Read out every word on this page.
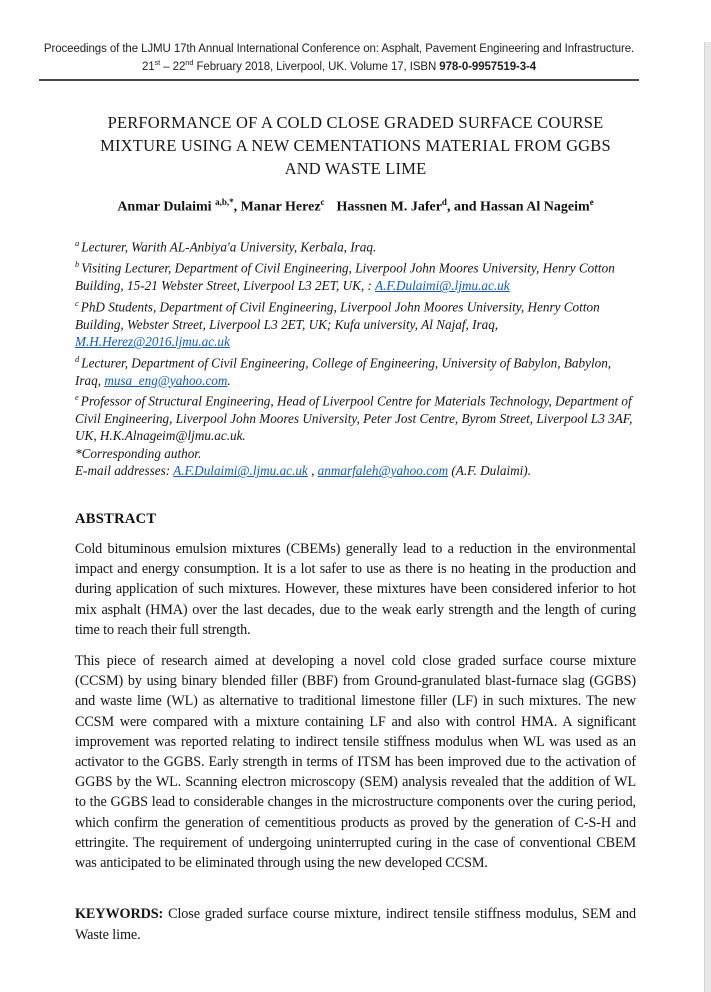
Proceedings of the LJMU 17th Annual International Conference on: Asphalt, Pavement Engineering and Infrastructure.
21st – 22nd February 2018, Liverpool, UK. Volume 17, ISBN 978-0-9957519-3-4
PERFORMANCE OF A COLD CLOSE GRADED SURFACE COURSE
MIXTURE USING A NEW CEMENTATIONS MATERIAL FROM GGBS
AND WASTE LIME
Anmar Dulaimi $^{a,b,*}$, Manar Herez$^c$ Hassnen M. Jafer$^d$, and Hassan Al Nageim$^e$

$^a$ Lecturer, Warith AL-Anbiya'a University, Kerbala, Iraq.

$^b$ Visiting Lecturer, Department of Civil Engineering, Liverpool John Moores University, Henry Cotton Building, 15-21 Webster Street, Liverpool L3 2ET, UK, : A.F.Dulaimi@.ljmu.ac.uk

$^c$ PhD Students, Department of Civil Engineering, Liverpool John Moores University, Henry Cotton Building, Webster Street, Liverpool L3 2ET, UK; Kufa university, Al Najaf, Iraq, M.H.Herez@2016.ljmu.ac.uk

$^d$ Lecturer, Department of Civil Engineering, College of Engineering, University of Babylon, Babylon, Iraq, musa_eng@yahoo.com.

$^e$ Professor of Structural Engineering, Head of Liverpool Centre for Materials Technology, Department of Civil Engineering, Liverpool John Moores University, Peter Jost Centre, Byrom Street, Liverpool L3 3AF, UK, H.K.Alnageim@ljmu.ac.uk.

*Corresponding author.

E-mail addresses: A.F.Dulaimi@.ljmu.ac.uk , anmarfaleh@yahoo.com (A.F. Dulaimi).

ABSTRACT

Cold bituminous emulsion mixtures (CBEMs) generally lead to a reduction in the environmental impact and energy consumption. It is a lot safer to use as there is no heating in the production and during application of such mixtures. However, these mixtures have been considered inferior to hot mix asphalt (HMA) over the last decades, due to the weak early strength and the length of curing time to reach their full strength.

This piece of research aimed at developing a novel cold close graded surface course mixture (CCSM) by using binary blended filler (BBF) from Ground-granulated blast-furnace slag (GGBS) and waste lime (WL) as alternative to traditional limestone filler (LF) in such mixtures. The new CCSM were compared with a mixture containing LF and also with control HMA. A significant improvement was reported relating to indirect tensile stiffness modulus when WL was used as an activator to the GGBS. Early strength in terms of ITSM has been improved due to the activation of GGBS by the WL. Scanning electron microscopy (SEM) analysis revealed that the addition of WL to the GGBS lead to considerable changes in the microstructure components over the curing period, which confirm the generation of cementitious products as proved by the generation of C-S-H and ettringite. The requirement of undergoing uninterrupted curing in the case of conventional CBEM was anticipated to be eliminated through using the new developed CCSM.

KEYWORDS: Close graded surface course mixture, indirect tensile stiffness modulus, SEM and Waste lime.
